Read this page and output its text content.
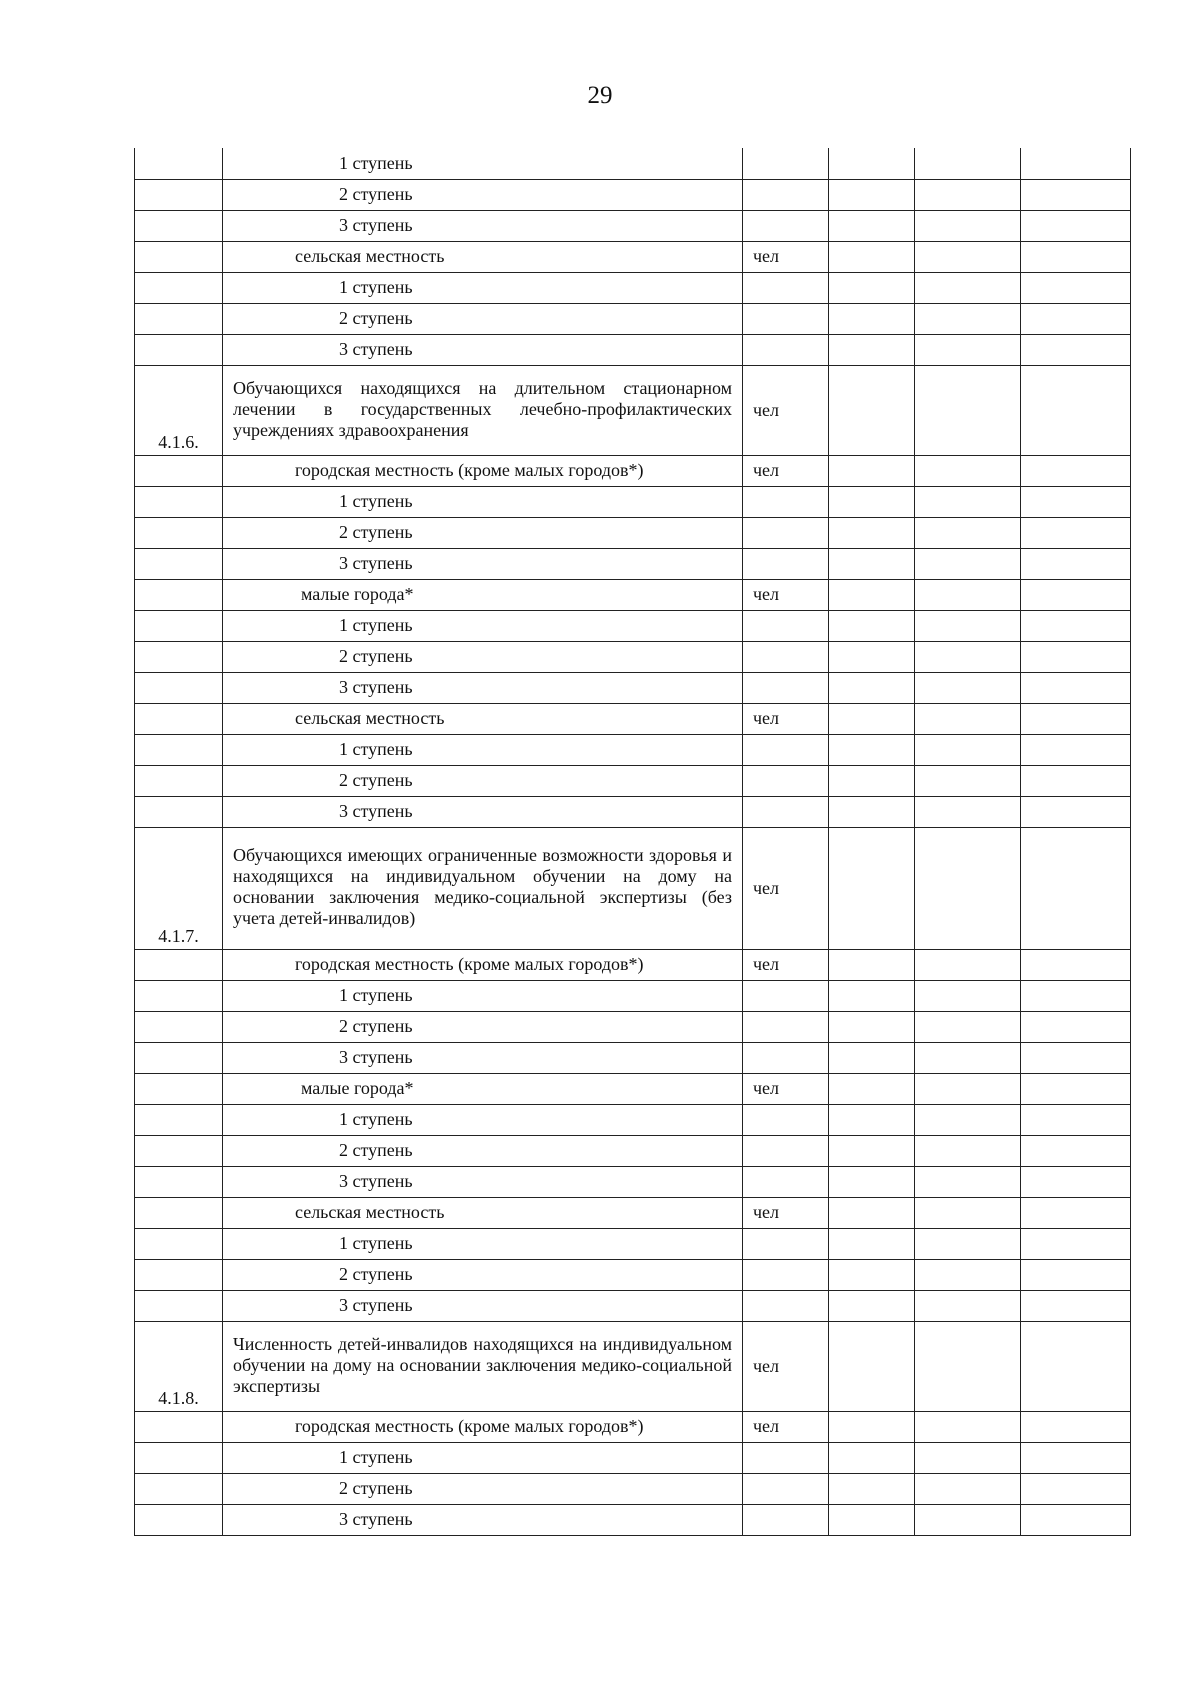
29

	1 ступень				

	2 ступень				

	3 ступень				

	сельская местность	чел			

	1 ступень				

	2 ступень				

	3 ступень				

4.1.6.	Обучающихся находящихся на длительном стационарном лечении в государственных лечебно-профилактических учреждениях здравоохранения	чел			

	городская местность (кроме малых городов*)	чел			

	1 ступень				

	2 ступень				

	3 ступень				

	малые города*	чел			

	1 ступень				

	2 ступень				

	3 ступень				

	сельская местность	чел			

	1 ступень				

	2 ступень				

	3 ступень				

4.1.7.	Обучающихся имеющих ограниченные возможности здоровья и находящихся на индивидуальном обучении на дому на основании заключения медико-социальной экспертизы (без учета детей-инвалидов)	чел			

	городская местность (кроме малых городов*)	чел			

	1 ступень				

	2 ступень				

	3 ступень				

	малые города*	чел			

	1 ступень				

	2 ступень				

	3 ступень				

	сельская местность	чел			

	1 ступень				

	2 ступень				

	3 ступень				

4.1.8.	Численность детей-инвалидов находящихся на индивидуальном обучении на дому на основании заключения медико-социальной экспертизы	чел			

	городская местность (кроме малых городов*)	чел			

	1 ступень				

	2 ступень				

	3 ступень				
